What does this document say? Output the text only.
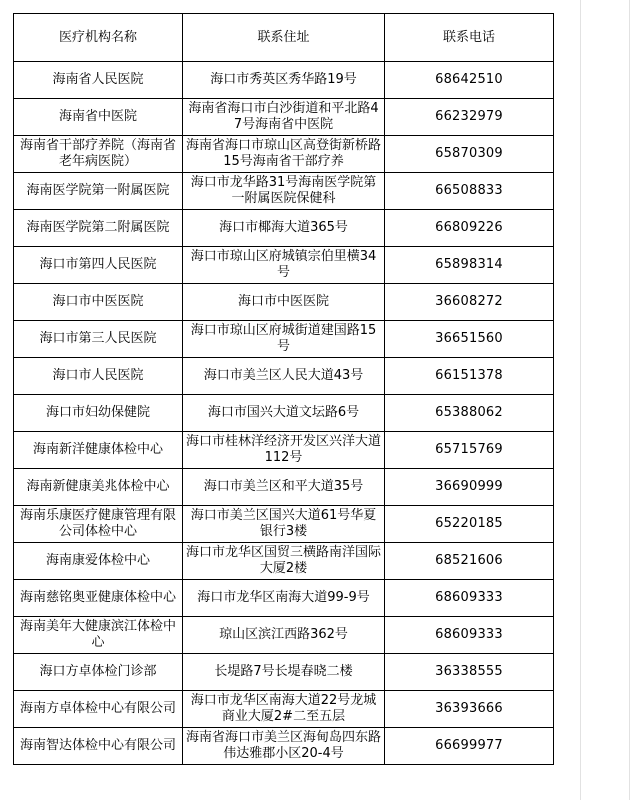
医疗机构名称	联系住址	联系电话
海南省人民医院	海口市秀英区秀华路19号	68642510
海南省中医院	海南省海口市白沙街道和平北路47号海南省中医院	66232979
海南省干部疗养院（海南省老年病医院）	海南省海口市琼山区高登街新桥路15号海南省干部疗养	65870309
海南医学院第一附属医院	海口市龙华路31号海南医学院第一附属医院保健科	66508833
海南医学院第二附属医院	海口市椰海大道365号	66809226
海口市第四人民医院	海口市琼山区府城镇宗伯里横34号	65898314
海口市中医医院	海口市中医医院	36608272
海口市第三人民医院	海口市琼山区府城街道建国路15号	36651560
海口市人民医院	海口市美兰区人民大道43号	66151378
海口市妇幼保健院	海口市国兴大道文坛路6号	65388062
海南新洋健康体检中心	海口市桂林洋经济开发区兴洋大道112号	65715769
海南新健康美兆体检中心	海口市美兰区和平大道35号	36690999
海南乐康医疗健康管理有限公司体检中心	海口市美兰区国兴大道61号华夏银行3楼	65220185
海南康爱体检中心	海口市龙华区国贸三横路南洋国际大厦2楼	68521606
海南慈铭奥亚健康体检中心	海口市龙华区南海大道99-9号	68609333
海南美年大健康滨江体检中心	琼山区滨江西路362号	68609333
海口方卓体检门诊部	长堤路7号长堤春晓二楼	36338555
海南方卓体检中心有限公司	海口市龙华区南海大道22号龙城商业大厦2#二至五层	36393666
海南智达体检中心有限公司	海南省海口市美兰区海甸岛四东路伟达雅郡小区20-4号	66699977
